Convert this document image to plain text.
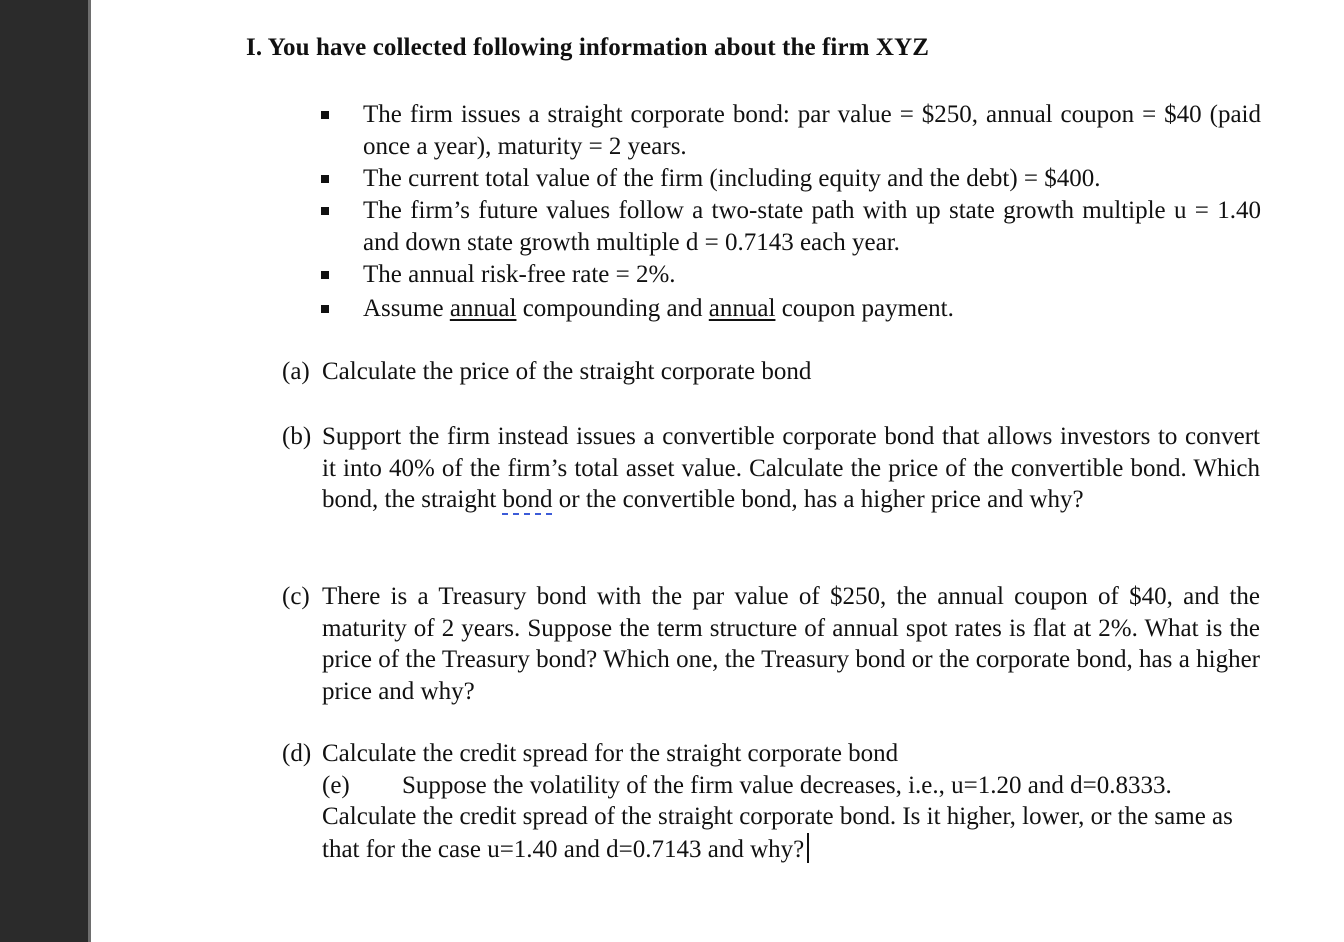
I. You have collected following information about the firm XYZ
The firm issues a straight corporate bond: par value = $250, annual coupon = $40 (paid once a year), maturity = 2 years.
The current total value of the firm (including equity and the debt) = $400.
The firm’s future values follow a two-state path with up state growth multiple u = 1.40 and down state growth multiple d = 0.7143 each year.
The annual risk-free rate = 2%.
Assume annual compounding and annual coupon payment.
(a) Calculate the price of the straight corporate bond
(b) Support the firm instead issues a convertible corporate bond that allows investors to convert it into 40% of the firm’s total asset value. Calculate the price of the convertible bond. Which bond, the straight bond or the convertible bond, has a higher price and why?
(c) There is a Treasury bond with the par value of $250, the annual coupon of $40, and the maturity of 2 years. Suppose the term structure of annual spot rates is flat at 2%. What is the price of the Treasury bond? Which one, the Treasury bond or the corporate bond, has a higher price and why?
(d) Calculate the credit spread for the straight corporate bond
(e) Suppose the volatility of the firm value decreases, i.e., u=1.20 and d=0.8333.
Calculate the credit spread of the straight corporate bond. Is it higher, lower, or the same as that for the case u=1.40 and d=0.7143 and why?
